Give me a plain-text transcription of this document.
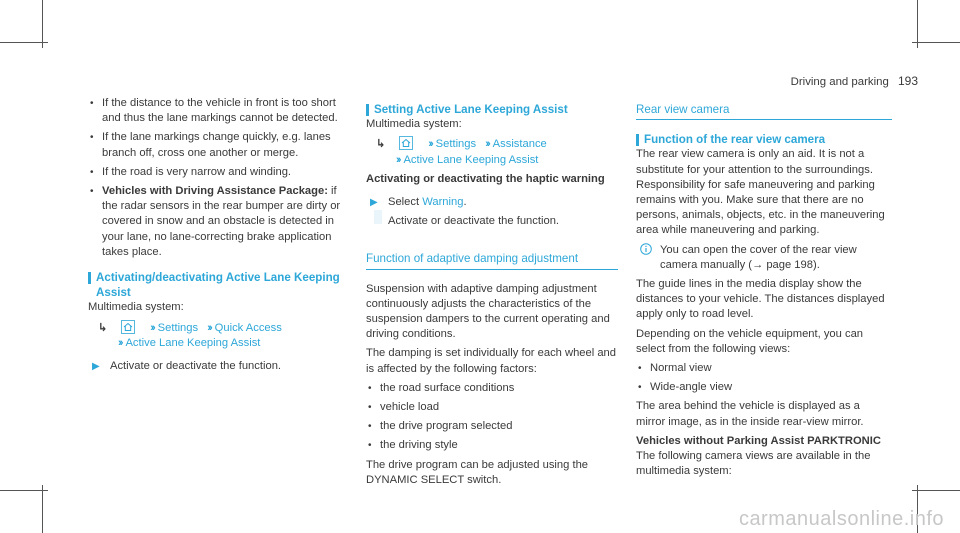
Driving and parking 193
• If the distance to the vehicle in front is too short and thus the lane markings cannot be detected.
• If the lane markings change quickly, e.g. lanes branch off, cross one another or merge.
• If the road is very narrow and winding.
• Vehicles with Driving Assistance Package: if the radar sensors in the rear bumper are dirty or covered in snow and an obstacle is detected in your lane, no lane-correcting brake application takes place.
Activating/deactivating Active Lane Keeping Assist

Multimedia system:

↳	›› Settings ›› Quick Access
›› Active Lane Keeping Assist
▶ Activate or deactivate the function.
Setting Active Lane Keeping Assist

Multimedia system:

↳	›› Settings ›› Assistance
›› Active Lane Keeping Assist
Activating or deactivating the haptic warning
▶ Select Warning.
Activate or deactivate the function.
Function of adaptive damping adjustment

Suspension with adaptive damping adjustment continuously adjusts the characteristics of the suspension dampers to the current operating and driving conditions.

The damping is set individually for each wheel and is affected by the following factors:

• the road surface conditions
• vehicle load
• the drive program selected
• the driving style

The drive program can be adjusted using the DYNAMIC SELECT switch.

Rear view camera
Function of the rear view camera

The rear view camera is only an aid. It is not a substitute for your attention to the surroundings. Responsibility for safe maneuvering and parking remains with you. Make sure that there are no persons, animals, objects, etc. in the maneuvering area while maneuvering and parking.

You can open the cover of the rear view camera manually (→ page 198).

The guide lines in the media display show the distances to your vehicle. The distances displayed apply only to road level.

Depending on the vehicle equipment, you can select from the following views:

• Normal view
• Wide-angle view

The area behind the vehicle is displayed as a mirror image, as in the inside rear-view mirror.

Vehicles without Parking Assist PARKTRONIC

The following camera views are available in the multimedia system:

carmanualsonline.info
